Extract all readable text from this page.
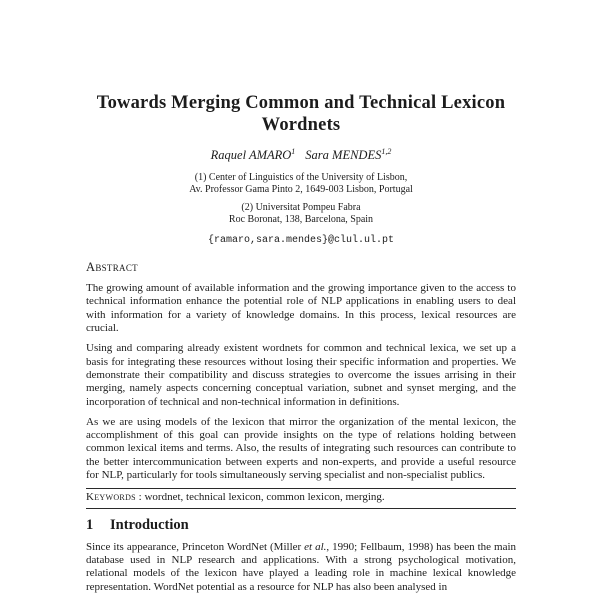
Towards Merging Common and Technical Lexicon
Wordnets
Raquel AMARO$^1$ Sara MENDES$^{1,2}$
(1) Center of Linguistics of the University of Lisbon,
Av. Professor Gama Pinto 2, 1649-003 Lisbon, Portugal
(2) Universitat Pompeu Fabra
Roc Boronat, 138, Barcelona, Spain
{ramaro,sara.mendes}@clul.ul.pt
Abstract

The growing amount of available information and the growing importance given to the access to technical information enhance the potential role of NLP applications in enabling users to deal with information for a variety of knowledge domains. In this process, lexical resources are crucial.

Using and comparing already existent wordnets for common and technical lexica, we set up a basis for integrating these resources without losing their specific information and properties. We demonstrate their compatibility and discuss strategies to overcome the issues arrising in their merging, namely aspects concerning conceptual variation, subnet and synset merging, and the incorporation of technical and non-technical information in definitions.

As we are using models of the lexicon that mirror the organization of the mental lexicon, the accomplishment of this goal can provide insights on the type of relations holding between common lexical items and terms. Also, the results of integrating such resources can contribute to the better intercommunication between experts and non-experts, and provide a useful resource for NLP, particularly for tools simultaneously serving specialist and non-specialist publics.

Keywords : wordnet, technical lexicon, common lexicon, merging.
1 Introduction

Since its appearance, Princeton WordNet (Miller et al., 1990; Fellbaum, 1998) has been the main database used in NLP research and applications. With a strong psychological motivation, relational models of the lexicon have played a leading role in machine lexical knowledge representation. WordNet potential as a resource for NLP has also been analysed in
